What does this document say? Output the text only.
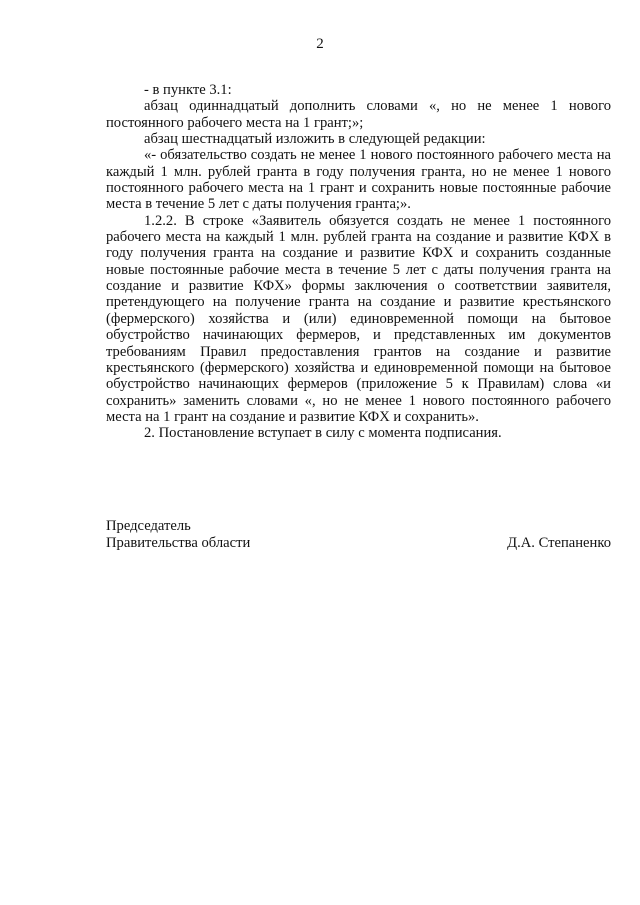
2

- в пункте 3.1:

абзац одиннадцатый дополнить словами «, но не менее 1 нового постоянного рабочего места на 1 грант;»;

абзац шестнадцатый изложить в следующей редакции:

«- обязательство создать не менее 1 нового постоянного рабочего места на каждый 1 млн. рублей гранта в году получения гранта, но не менее 1 нового постоянного рабочего места на 1 грант и сохранить новые постоянные рабочие места в течение 5 лет с даты получения гранта;».

1.2.2. В строке «Заявитель обязуется создать не менее 1 постоянного рабочего места на каждый 1 млн. рублей гранта на создание и развитие КФХ в году получения гранта на создание и развитие КФХ и сохранить созданные новые постоянные рабочие места в течение 5 лет с даты получения гранта на создание и развитие КФХ» формы заключения о соответствии заявителя, претендующего на получение гранта на создание и развитие крестьянского (фермерского) хозяйства и (или) единовременной помощи на бытовое обустройство начинающих фермеров, и представленных им документов требованиям Правил предоставления грантов на создание и развитие крестьянского (фермерского) хозяйства и единовременной помощи на бытовое обустройство начинающих фермеров (приложение 5 к Правилам) слова «и сохранить» заменить словами «, но не менее 1 нового постоянного рабочего места на 1 грант на создание и развитие КФХ и сохранить».

2. Постановление вступает в силу с момента подписания.

Председатель
Правительства области	Д.А. Степаненко
